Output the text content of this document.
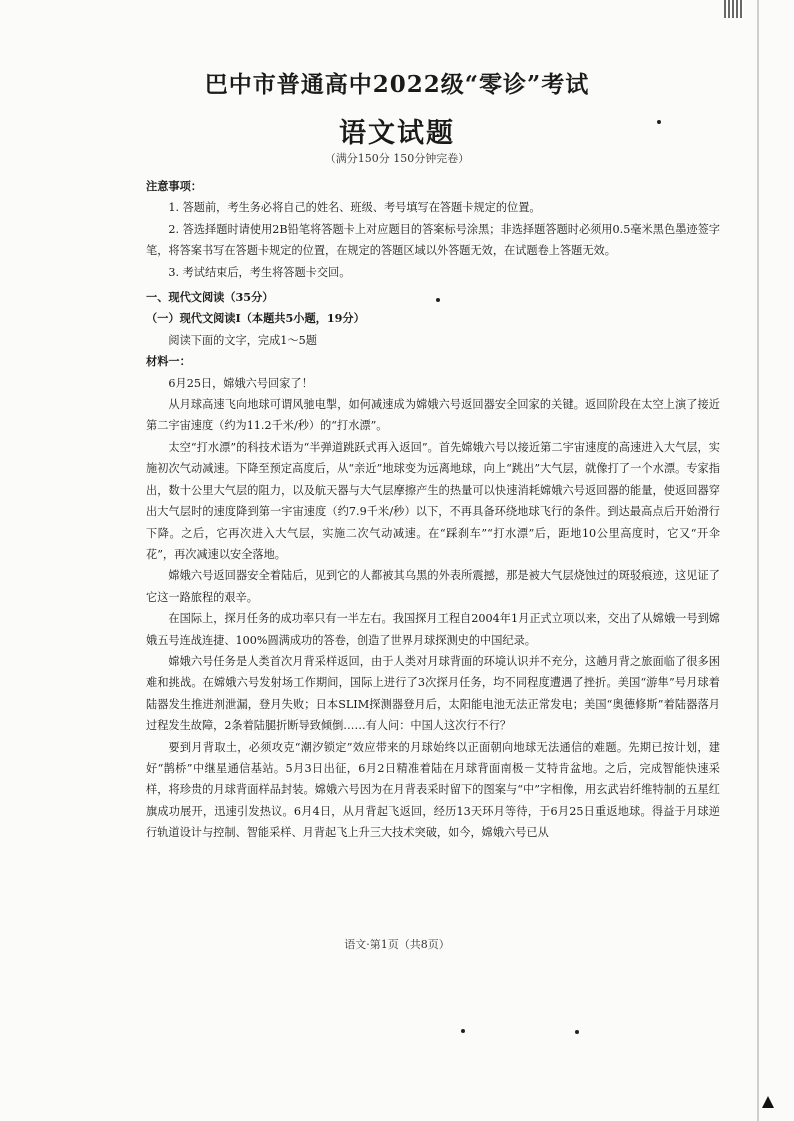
巴中市普通高中2022级“零诊”考试
语文试题
（满分150分 150分钟完卷）

注意事项：

1. 答题前，考生务必将自己的姓名、班级、考号填写在答题卡规定的位置。

2. 答选择题时请使用2B铅笔将答题卡上对应题目的答案标号涂黑；非选择题答题时必须用0.5毫米黑色墨迹签字笔，将答案书写在答题卡规定的位置，在规定的答题区域以外答题无效，在试题卷上答题无效。

3. 考试结束后，考生将答题卡交回。

一、现代文阅读（35分）

（一）现代文阅读Ⅰ（本题共5小题，19分）

阅读下面的文字，完成1～5题

材料一：

6月25日，嫦娥六号回家了！

从月球高速飞向地球可谓风驰电掣，如何减速成为嫦娥六号返回器安全回家的关键。返回阶段在太空上演了接近第二宇宙速度（约为11.2千米/秒）的“打水漂”。

太空“打水漂”的科技术语为“半弹道跳跃式再入返回”。首先嫦娥六号以接近第二宇宙速度的高速进入大气层，实施初次气动减速。下降至预定高度后，从“亲近”地球变为远离地球，向上“跳出”大气层，就像打了一个水漂。专家指出，数十公里大气层的阻力，以及航天器与大气层摩擦产生的热量可以快速消耗嫦娥六号返回器的能量，使返回器穿出大气层时的速度降到第一宇宙速度（约7.9千米/秒）以下，不再具备环绕地球飞行的条件。到达最高点后开始滑行下降。之后，它再次进入大气层，实施二次气动减速。在“踩刹车”“打水漂”后，距地10公里高度时，它又“开伞花”，再次减速以安全落地。

嫦娥六号返回器安全着陆后，见到它的人都被其乌黑的外表所震撼，那是被大气层烧蚀过的斑驳痕迹，这见证了它这一路旅程的艰辛。

在国际上，探月任务的成功率只有一半左右。我国探月工程自2004年1月正式立项以来，交出了从嫦娥一号到嫦娥五号连战连捷、100%圆满成功的答卷，创造了世界月球探测史的中国纪录。

嫦娥六号任务是人类首次月背采样返回，由于人类对月球背面的环境认识并不充分，这趟月背之旅面临了很多困难和挑战。在嫦娥六号发射场工作期间，国际上进行了3次探月任务，均不同程度遭遇了挫折。美国“游隼”号月球着陆器发生推进剂泄漏，登月失败；日本SLIM探测器登月后，太阳能电池无法正常发电；美国“奥德修斯”着陆器落月过程发生故障，2条着陆腿折断导致倾倒……有人问：中国人这次行不行？

要到月背取土，必须攻克“潮汐锁定”效应带来的月球始终以正面朝向地球无法通信的难题。先期已按计划，建好“鹊桥”中继星通信基站。5月3日出征，6月2日精准着陆在月球背面南极－艾特肯盆地。之后，完成智能快速采样，将珍贵的月球背面样品封装。嫦娥六号因为在月背表采时留下的图案与“中”字相像，用玄武岩纤维特制的五星红旗成功展开，迅速引发热议。6月4日，从月背起飞返回，经历13天环月等待，于6月25日重返地球。得益于月球逆行轨道设计与控制、智能采样、月背起飞上升三大技术突破，如今，嫦娥六号已从

语文·第1页（共8页）
